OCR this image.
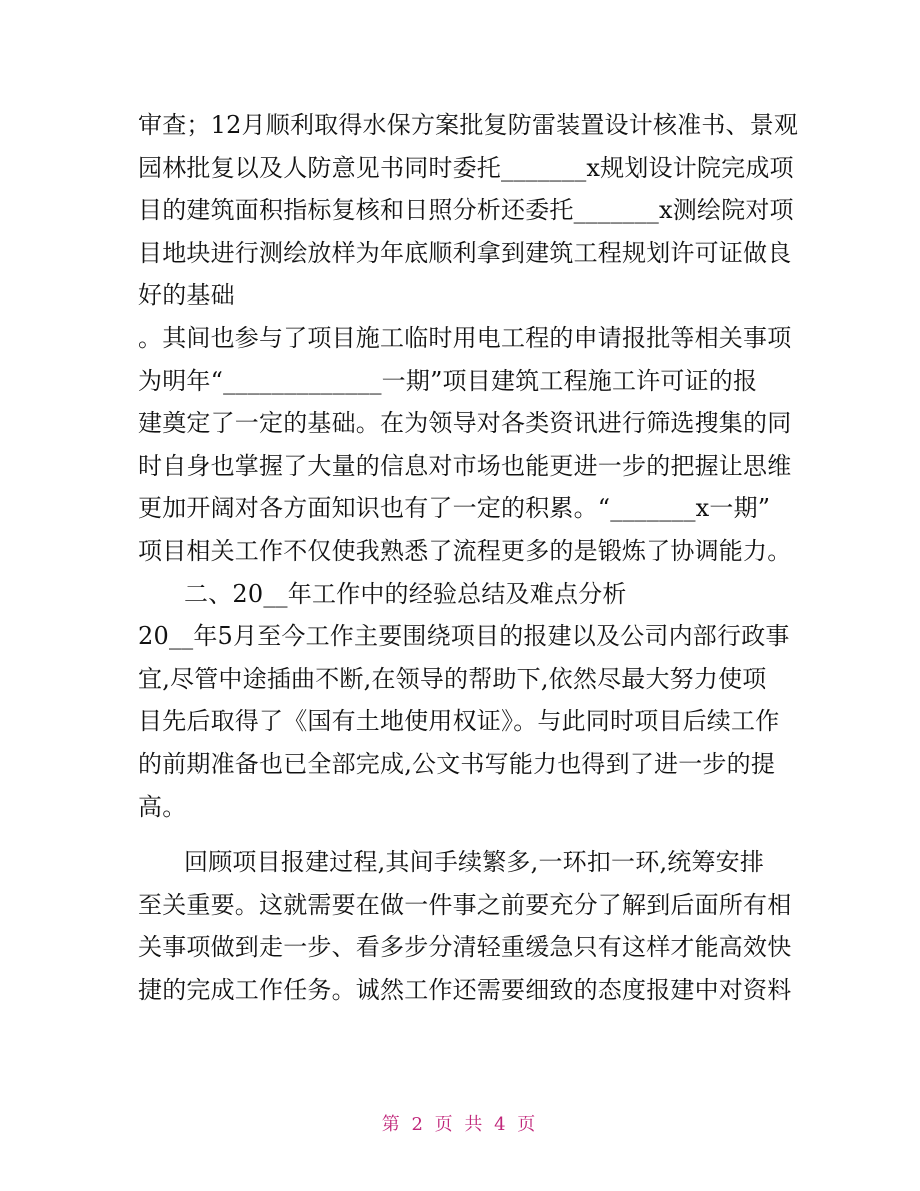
审查；12月顺利取得水保方案批复防雷装置设计核准书、景观
园林批复以及人防意见书同时委托_______x规划设计院完成项
目的建筑面积指标复核和日照分析还委托_______x测绘院对项
目地块进行测绘放样为年底顺利拿到建筑工程规划许可证做良
好的基础
。其间也参与了项目施工临时用电工程的申请报批等相关事项
为明年“_____________一期”项目建筑工程施工许可证的报
建奠定了一定的基础。在为领导对各类资讯进行筛选搜集的同
时自身也掌握了大量的信息对市场也能更进一步的把握让思维
更加开阔对各方面知识也有了一定的积累。“_______x一期”
项目相关工作不仅使我熟悉了流程更多的是锻炼了协调能力。
二、20__年工作中的经验总结及难点分析
20__年5月至今工作主要围绕项目的报建以及公司内部行政事
宜,尽管中途插曲不断,在领导的帮助下,依然尽最大努力使项
目先后取得了《国有土地使用权证》。与此同时项目后续工作
的前期准备也已全部完成,公文书写能力也得到了进一步的提
高。
回顾项目报建过程,其间手续繁多,一环扣一环,统筹安排
至关重要。这就需要在做一件事之前要充分了解到后面所有相
关事项做到走一步、看多步分清轻重缓急只有这样才能高效快
捷的完成工作任务。诚然工作还需要细致的态度报建中对资料
第 2 页 共 4 页
